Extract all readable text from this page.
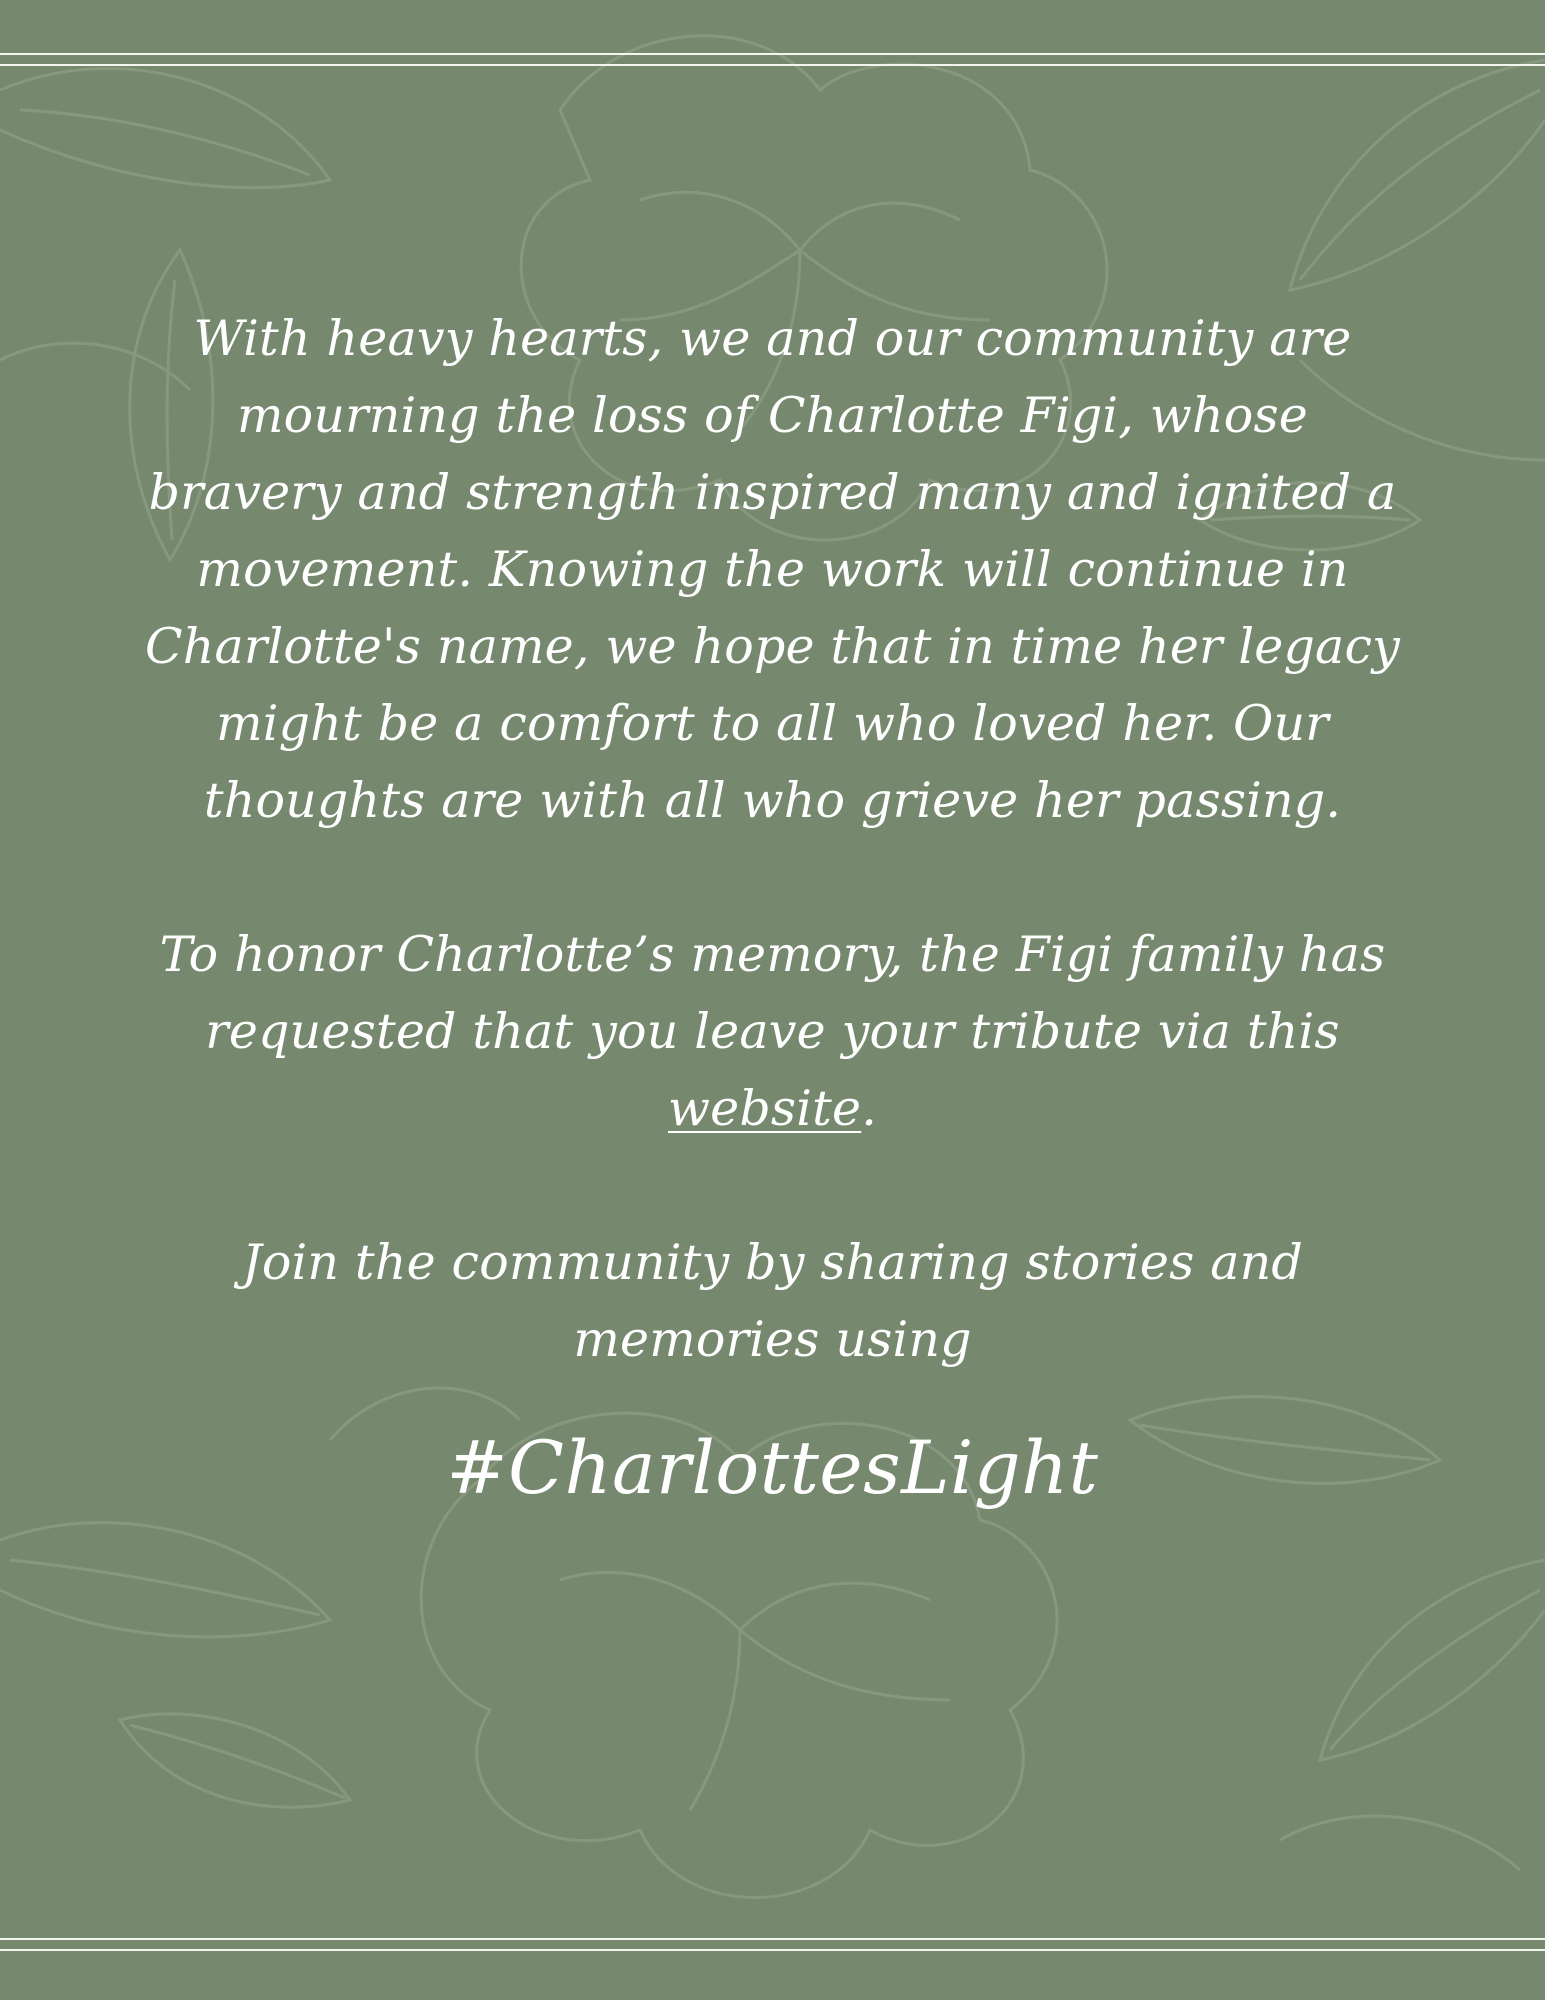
With heavy hearts, we and our community are mourning the loss of Charlotte Figi, whose bravery and strength inspired many and ignited a movement. Knowing the work will continue in Charlotte's name, we hope that in time her legacy might be a comfort to all who loved her. Our thoughts are with all who grieve her passing.

To honor Charlotte’s memory, the Figi family has requested that you leave your tribute via this website.

Join the community by sharing stories and memories using

#CharlottesLight
